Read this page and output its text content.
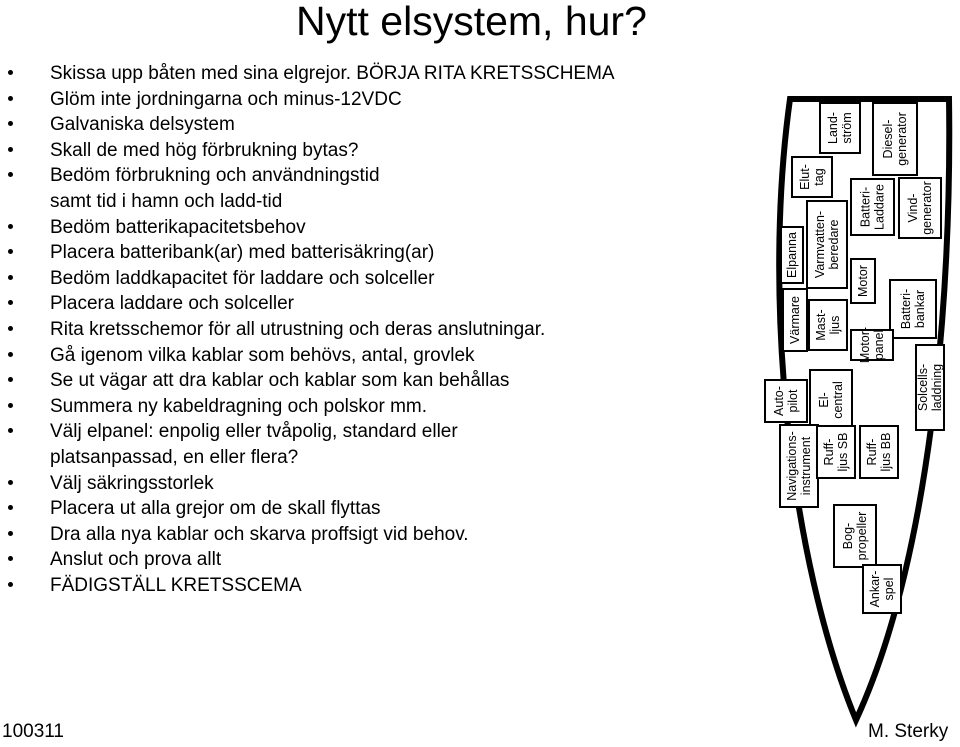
Nytt elsystem, hur?
Skissa upp båten med sina elgrejor. BÖRJA RITA KRETSSCHEMA
Glöm inte jordningarna och minus-12VDC
Galvaniska delsystem
Skall de med hög förbrukning bytas?
Bedöm förbrukning och användningstid
samt tid i hamn och ladd-tid
Bedöm batterikapacitetsbehov
Placera batteribank(ar) med batterisäkring(ar)
Bedöm laddkapacitet för laddare och solceller
Placera laddare och solceller
Rita kretsschemor för all utrustning och deras anslutningar.
Gå igenom vilka kablar som behövs, antal, grovlek
Se ut vägar att dra kablar och kablar som kan behållas
Summera ny kabeldragning och polskor mm.
Välj elpanel: enpolig eller tvåpolig, standard eller
platsanpassad, en eller flera?
Välj säkringsstorlek
Placera ut alla grejor om de skall flyttas
Dra alla nya kablar och skarva proffsigt vid behov.
Anslut och prova allt
FÄDIGSTÄLL KRETSSCEMA
Land- ström Diesel- generator
Elut- tag
Batteri- Laddare Vind- generator
Elpanna Varmvatten- beredare
Motor
Batteri- bankar
Värmare Mast- ljus
Motor- panel
Solcells- laddning
Auto- pilot El- central
Navigations- instrument Ruff- ljus SB Ruff- ljus BB
Bog- propeller
Ankar- spel
100311	M. Sterky
